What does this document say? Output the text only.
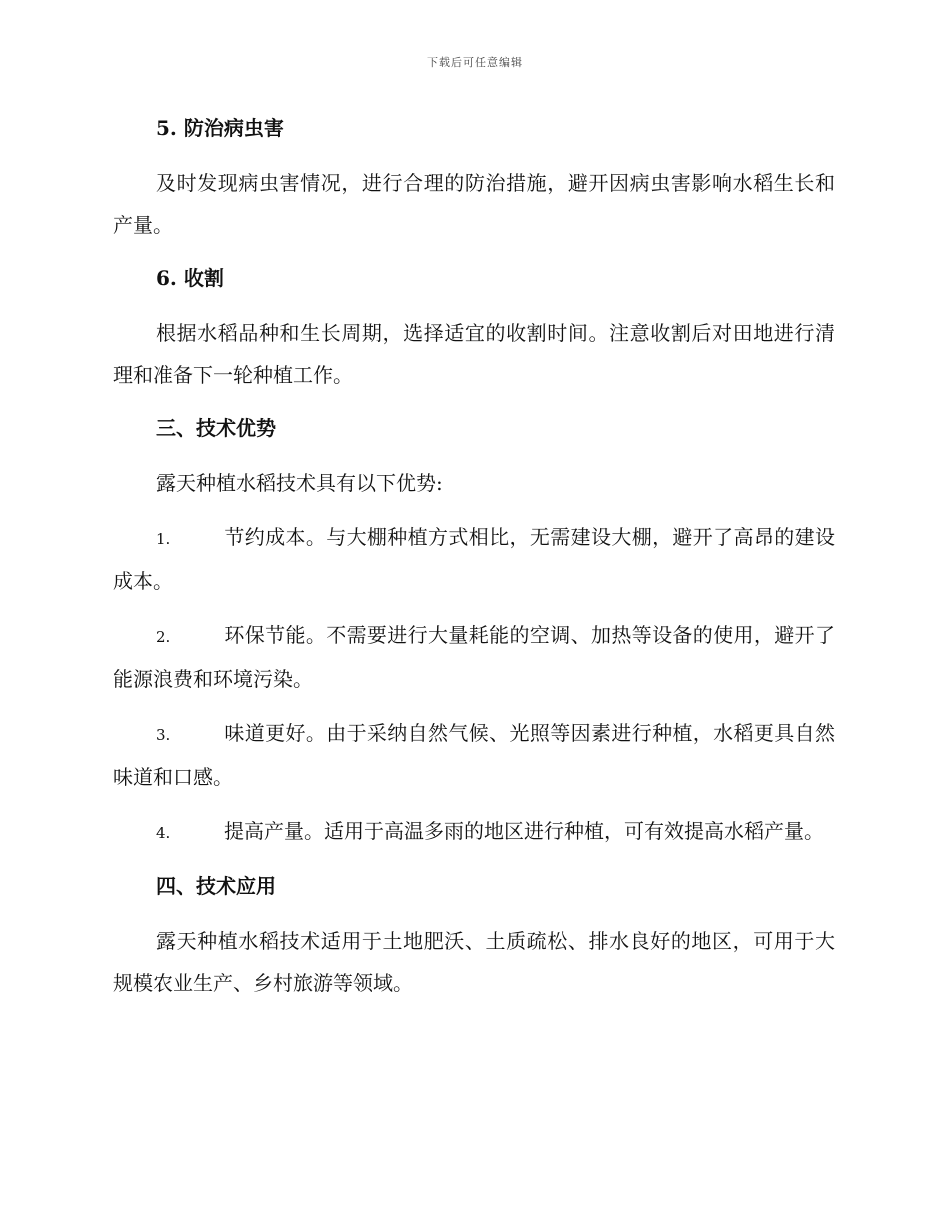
下载后可任意编辑
5. 防治病虫害

及时发现病虫害情况，进行合理的防治措施，避开因病虫害影响水稻生长和产量。

6. 收割

根据水稻品种和生长周期，选择适宜的收割时间。注意收割后对田地进行清理和准备下一轮种植工作。

三、技术优势

露天种植水稻技术具有以下优势:

1.	节约成本。与大棚种植方式相比，无需建设大棚，避开了高昂的建设成本。

2.	环保节能。不需要进行大量耗能的空调、加热等设备的使用，避开了能源浪费和环境污染。

3.	味道更好。由于采纳自然气候、光照等因素进行种植，水稻更具自然味道和口感。

4.	提高产量。适用于高温多雨的地区进行种植，可有效提高水稻产量。

四、技术应用

露天种植水稻技术适用于土地肥沃、土质疏松、排水良好的地区，可用于大规模农业生产、乡村旅游等领域。
